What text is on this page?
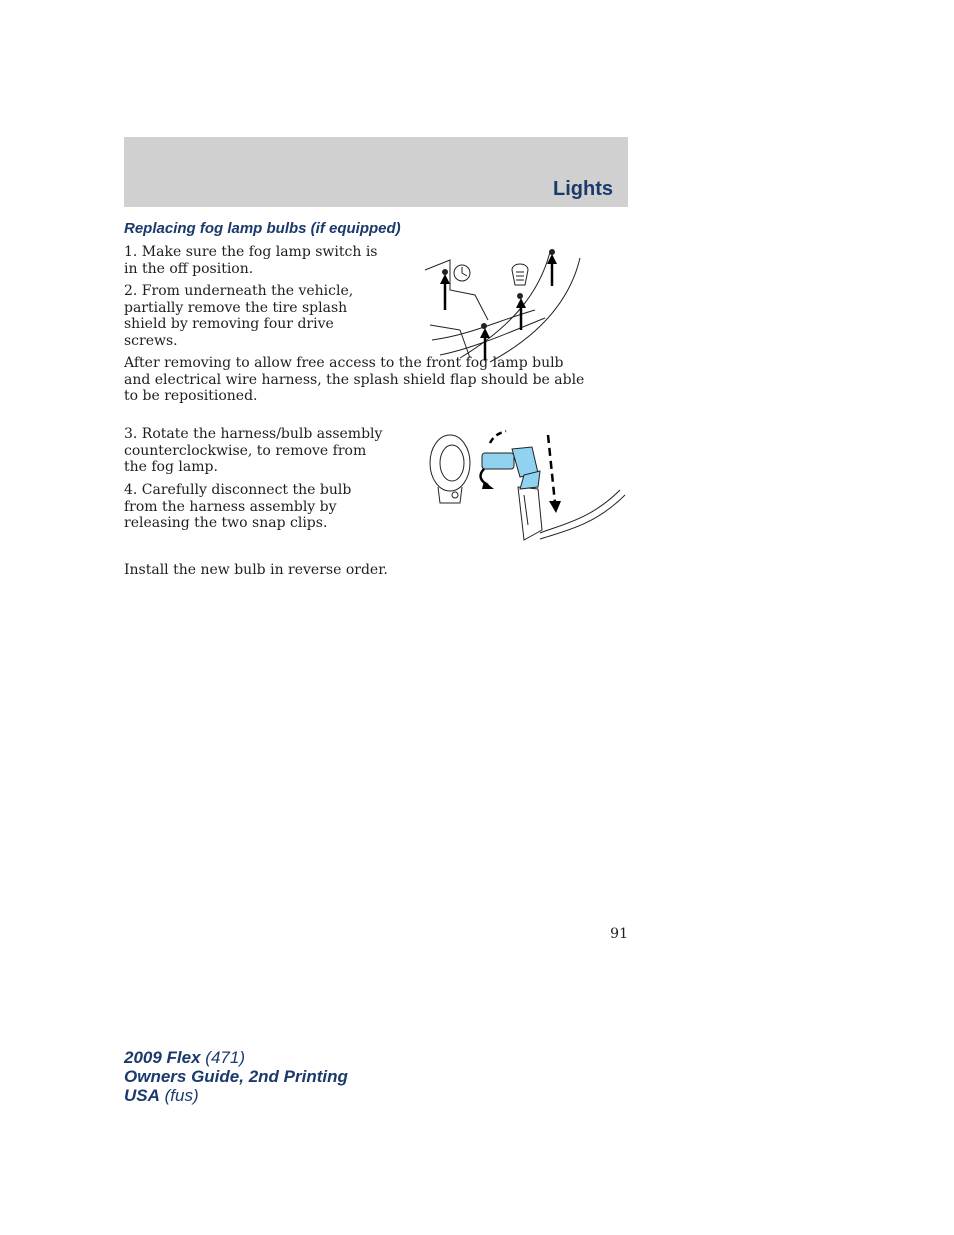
Lights
Replacing fog lamp bulbs (if equipped)
1. Make sure the fog lamp switch is in the off position.
2. From underneath the vehicle, partially remove the tire splash shield by removing four drive screws.
After removing to allow free access to the front fog lamp bulb and electrical wire harness, the splash shield flap should be able to be repositioned.
3. Rotate the harness/bulb assembly counterclockwise, to remove from the fog lamp.
4. Carefully disconnect the bulb from the harness assembly by releasing the two snap clips.
Install the new bulb in reverse order.
91
2009 Flex (471)
Owners Guide, 2nd Printing
USA (fus)
